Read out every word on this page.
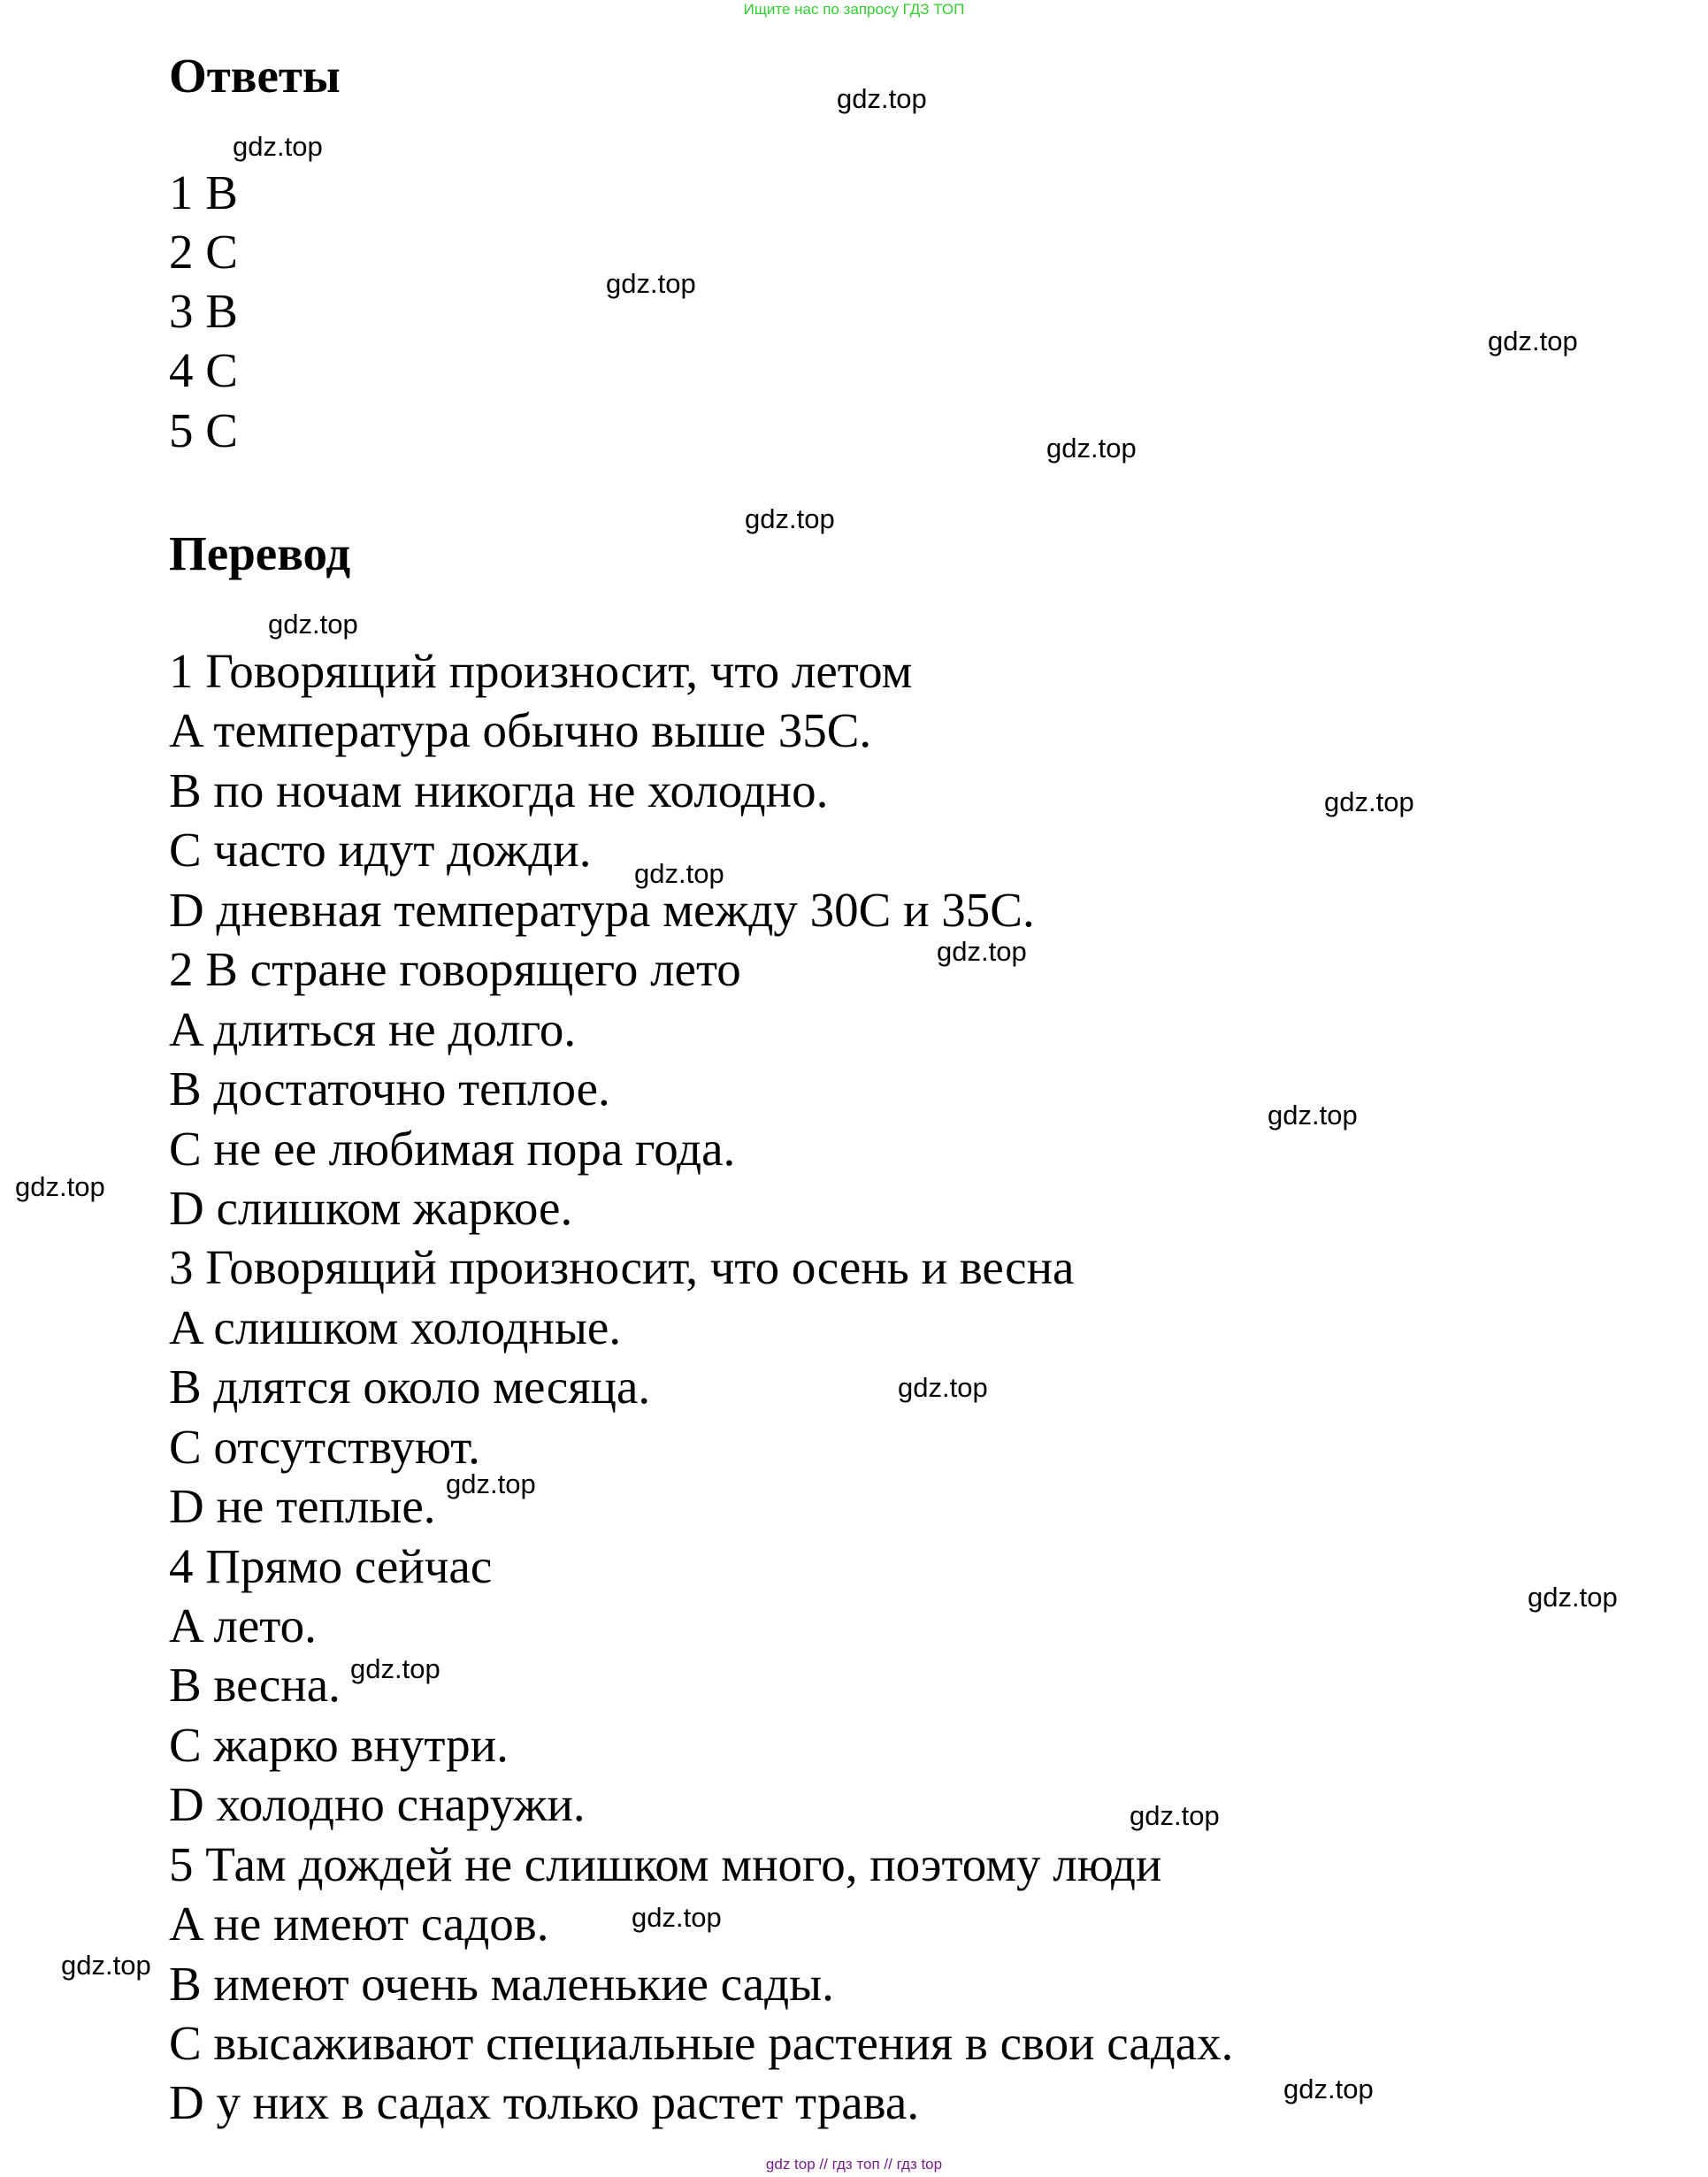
Ищите нас по запросу ГДЗ ТОП
Ответы
1 B
2 C
3 B
4 C
5 C
Перевод
1 Говорящий произносит, что летом
A температура обычно выше 35C.
B по ночам никогда не холодно.
C часто идут дожди.
D дневная температура между 30C и 35C.
2 В стране говорящего лето
A длиться не долго.
B достаточно теплое.
C не ее любимая пора года.
D слишком жаркое.
3 Говорящий произносит, что осень и весна
A слишком холодные.
B длятся около месяца.
C отсутствуют.
D не теплые.
4 Прямо сейчас
A лето.
B весна.
C жарко внутри.
D холодно снаружи.
5 Там дождей не слишком много, поэтому люди
A не имеют садов.
B имеют очень маленькие сады.
C высаживают специальные растения в свои садах.
D у них в садах только растет трава.
gdz.top
gdz.top
gdz.top
gdz.top
gdz.top
gdz.top
gdz.top
gdz.top
gdz.top
gdz.top
gdz.top
gdz.top
gdz.top
gdz.top
gdz.top
gdz.top
gdz.top
gdz.top
gdz.top
gdz.top
gdz top // гдз топ // гдз top
